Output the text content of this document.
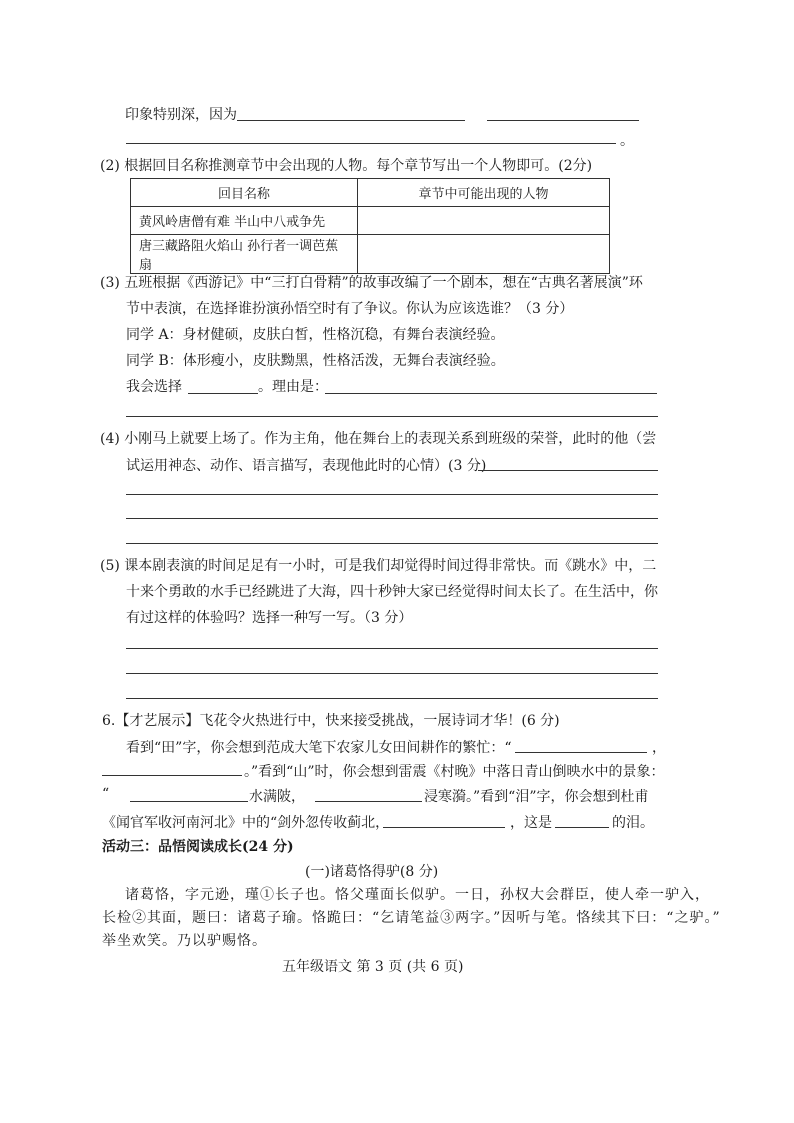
印象特别深，因为
。
(2) 根据回目名称推测章节中会出现的人物。每个章节写出一个人物即可。(2分)
回目名称	章节中可能出现的人物
黄风岭唐僧有难 半山中八戒争先	
唐三藏路阻火焰山 孙行者一调芭蕉扇	
(3) 五班根据《西游记》中“三打白骨精”的故事改编了一个剧本，想在“古典名著展演”环
节中表演，在选择谁扮演孙悟空时有了争议。你认为应该选谁？（3 分）
同学 A：身材健硕，皮肤白皙，性格沉稳，有舞台表演经验。
同学 B：体形瘦小，皮肤黝黑，性格活泼，无舞台表演经验。
我会选择	。理由是：
(4) 小刚马上就要上场了。作为主角，他在舞台上的表现关系到班级的荣誉，此时的他（尝
试运用神态、动作、语言描写，表现他此时的心情）(3 分)
(5) 课本剧表演的时间足足有一小时，可是我们却觉得时间过得非常快。而《跳水》中，二
十来个勇敢的水手已经跳进了大海，四十秒钟大家已经觉得时间太长了。在生活中，你
有过这样的体验吗？选择一种写一写。（3 分）
6.【才艺展示】飞花令火热进行中，快来接受挑战，一展诗词才华！(6 分)
看到“田”字，你会想到范成大笔下农家儿女田间耕作的繁忙：“	，
。”看到“山”时，你会想到雷震《村晚》中落日青山倒映水中的景象：
“	水满陂，	浸寒漪。”看到“泪”字，你会想到杜甫
《闻官军收河南河北》中的“剑外忽传收蓟北，	，这是	的泪。
活动三：品悟阅读成长(24 分)
(一)诸葛恪得驴(8 分)
诸葛恪，字元逊，瑾①长子也。恪父瑾面长似驴。一日，孙权大会群臣，使人牵一驴入，
长检②其面，题曰：诸葛子瑜。恪跪曰：“乞请笔益③两字。”因听与笔。恪续其下曰：“之驴。”
举坐欢笑。乃以驴赐恪。
五年级语文 第 3 页 (共 6 页)
